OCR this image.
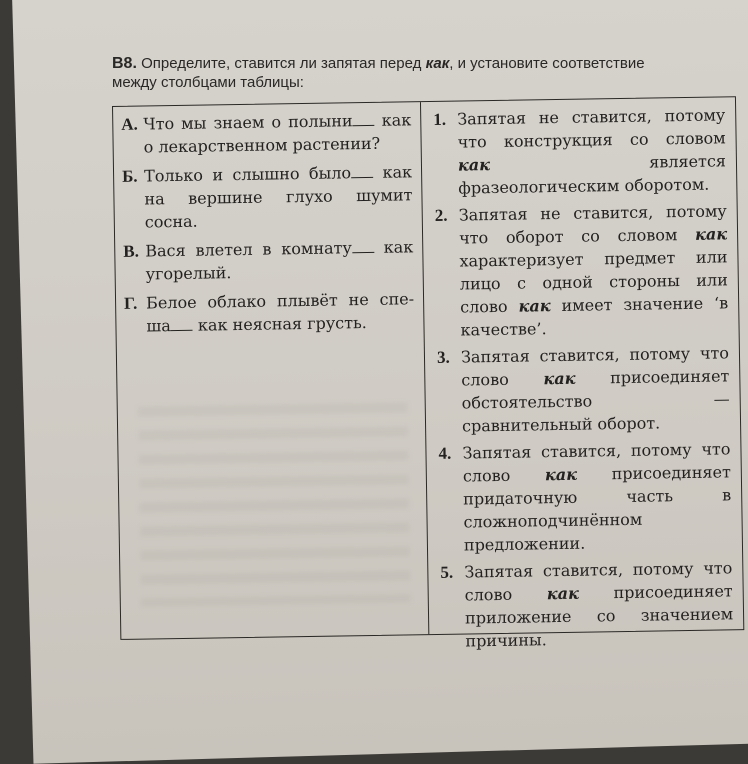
В8. Определите, ставится ли запятая перед как, и установите соответствие
между столбцами таблицы:
А. Что мы знаем о полыни как о лекарственном растении?
Б. Только и слышно было как на вершине глухо шумит сосна.
В. Вася влетел в комнату как угорелый.
Г. Белое облако плывёт не спе-ша как неясная грусть.
1. Запятая не ставится, потому что конструкция со словом как является фразеологическим оборотом.
2. Запятая не ставится, потому что оборот со словом как характеризует предмет или лицо с одной стороны или слово как имеет значение ‘в качестве’.
3. Запятая ставится, потому что слово как присоединяет обстоятельство — сравнительный оборот.
4. Запятая ставится, потому что слово как присоединяет придаточную часть в сложноподчинённом предложении.
5. Запятая ставится, потому что слово как присоединяет приложение со значением причины.
